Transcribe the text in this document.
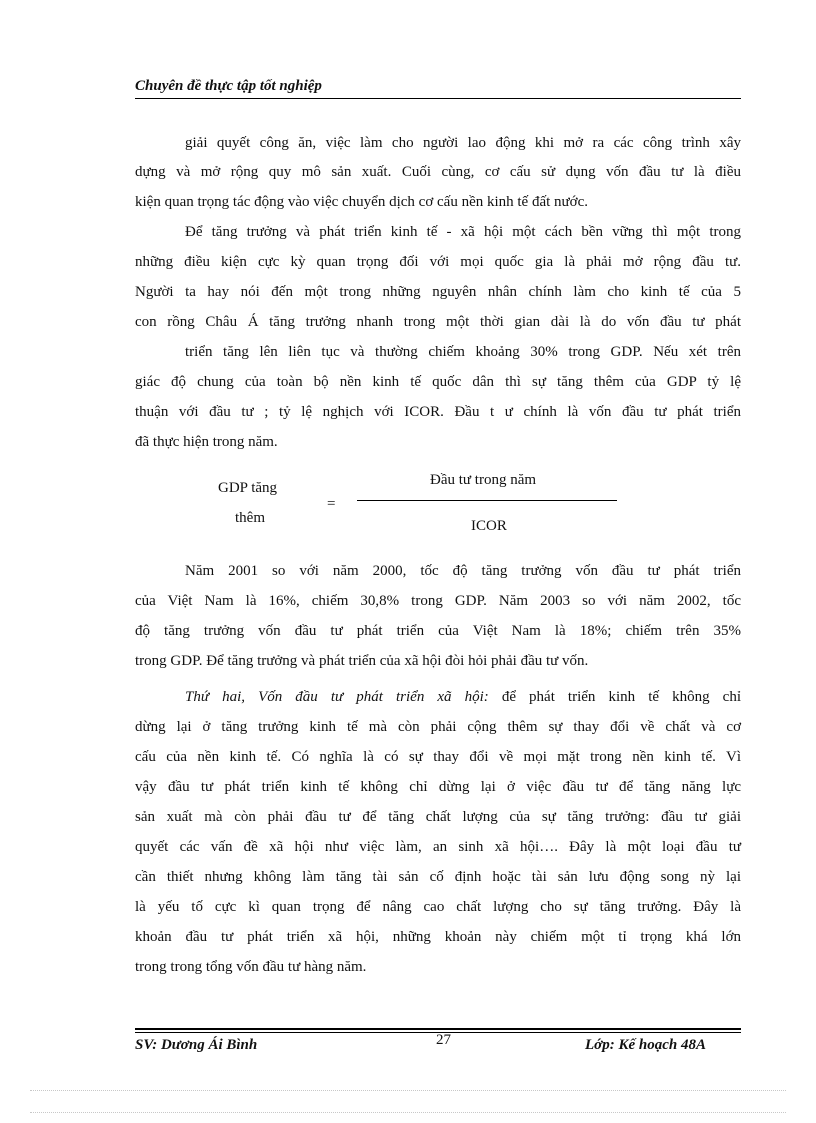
Chuyên đề thực tập tốt nghiệp
giải quyết công ăn, việc làm cho người lao động khi mở ra các công trình xây
dựng và mở rộng quy mô sản xuất. Cuối cùng, cơ cấu sử dụng vốn đầu tư là điều
kiện quan trọng tác động vào việc chuyển dịch cơ cấu nền kinh tế đất nước.
Để tăng trưởng và phát triển kinh tế - xã hội một cách bền vững thì một trong
những điều kiện cực kỳ quan trọng đối với mọi quốc gia là phải mở rộng đầu tư.
Người ta hay nói đến một trong những nguyên nhân chính làm cho kinh tế của 5
con rồng Châu Á tăng trưởng nhanh trong một thời gian dài là do vốn đầu tư phát
triển tăng lên liên tục và thường chiếm khoảng 30% trong GDP. Nếu xét trên
giác độ chung của toàn bộ nền kinh tế quốc dân thì sự tăng thêm của GDP tỷ lệ
thuận với đầu tư ; tỷ lệ nghịch với ICOR. Đầu t ư chính là vốn đầu tư phát triển
đã thực hiện trong năm.
GDP tăng
thêm
=
Đầu tư trong năm
ICOR
Năm 2001 so với năm 2000, tốc độ tăng trưởng vốn đầu tư phát triển
của Việt Nam là 16%, chiếm 30,8% trong GDP. Năm 2003 so với năm 2002, tốc
độ tăng trưởng vốn đầu tư phát triển của Việt Nam là 18%; chiếm trên 35%
trong GDP. Để tăng trưởng và phát triển của xã hội đòi hỏi phải đầu tư vốn.
Thứ hai, Vốn đầu tư phát triển xã hội: để phát triển kinh tế không chỉ
dừng lại ở tăng trưởng kinh tế mà còn phải cộng thêm sự thay đổi về chất và cơ
cấu của nền kinh tế. Có nghĩa là có sự thay đổi về mọi mặt trong nền kinh tế. Vì
vậy đầu tư phát triển kinh tế không chỉ dừng lại ở việc đầu tư để tăng năng lực
sản xuất mà còn phải đầu tư để tăng chất lượng của sự tăng trưởng: đầu tư giải
quyết các vấn đề xã hội như việc làm, an sinh xã hội…. Đây là một loại đầu tư
cần thiết nhưng không làm tăng tài sản cố định hoặc tài sản lưu động song nỳ lại
là yếu tố cực kì quan trọng để nâng cao chất lượng cho sự tăng trưởng. Đây là
khoản đầu tư phát triển xã hội, những khoản này chiếm một tỉ trọng khá lớn
trong trong tổng vốn đầu tư hàng năm.
SV: Dương Ái Bình	27	Lớp: Kế hoạch 48A
